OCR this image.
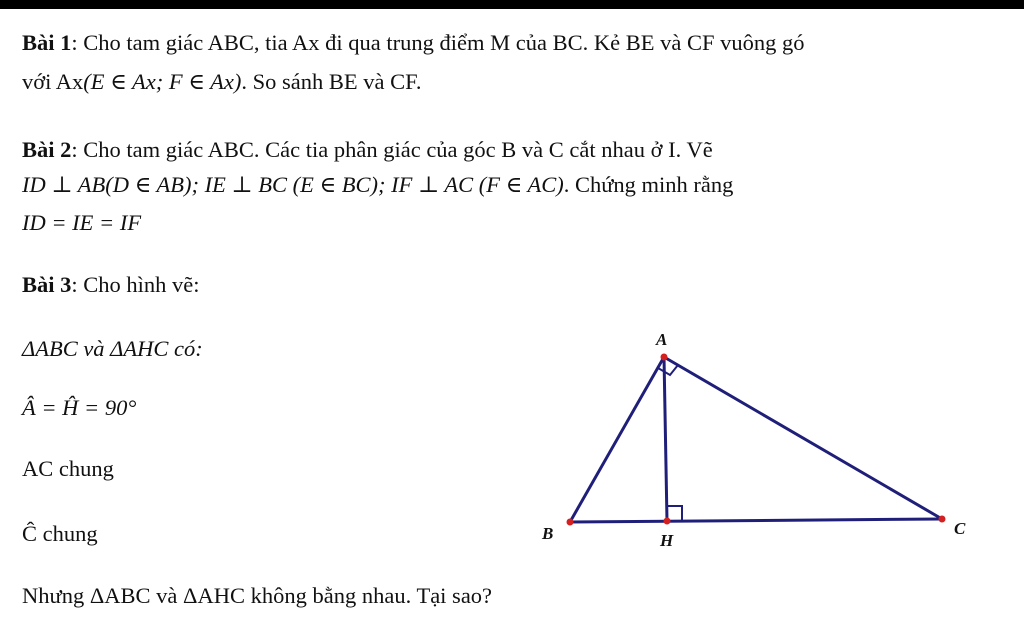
Bài 1: Cho tam giác ABC, tia Ax đi qua trung điểm M của BC. Kẻ BE và CF vuông gó
với Ax(E ∈ Ax; F ∈ Ax). So sánh BE và CF.
Bài 2: Cho tam giác ABC. Các tia phân giác của góc B và C cắt nhau ở I. Vẽ
ID ⊥ AB(D ∈ AB); IE ⊥ BC (E ∈ BC); IF ⊥ AC (F ∈ AC). Chứng minh rằng
ID = IE = IF
Bài 3: Cho hình vẽ:
ΔABC và ΔAHC có:
Â = Ĥ = 90°
AC chung
Ĉ chung
Nhưng ΔABC và ΔAHC không bằng nhau. Tại sao?
A
B	C
H
